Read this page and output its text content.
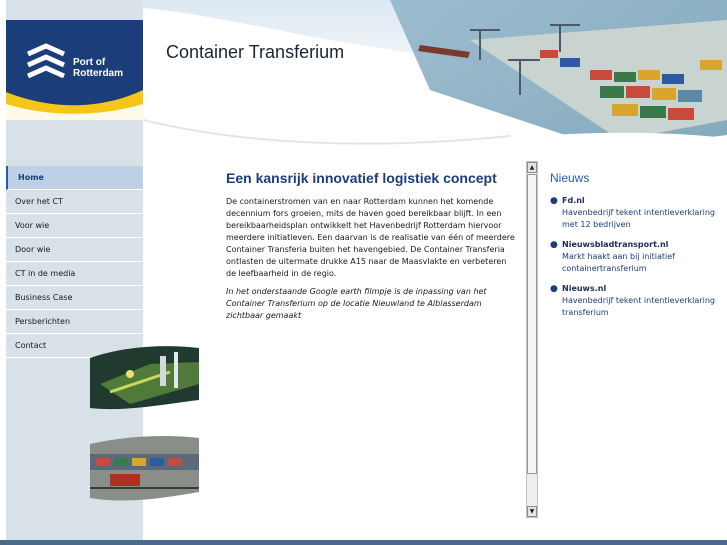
Port of
Rotterdam
Container Transferium
Home
Over het CT
Voor wie
Door wie
CT in de media
Business Case
Persberichten
Contact
Een kansrijk innovatief logistiek concept

De containerstromen van en naar Rotterdam kunnen het komende decennium fors groeien, mits de haven goed bereikbaar blijft. In een bereikbaarheidsplan ontwikkelt het Havenbedrijf Rotterdam hiervoor meerdere initiatieven. Een daarvan is de realisatie van één of meerdere Container Transferia buiten het havengebied. De Container Transferia ontlasten de uitermate drukke A15 naar de Maasvlakte en verbeteren de leefbaarheid in de regio.

In het onderstaande Google earth filmpje is de inpassing van het Container Transferium op de locatie Nieuwland te Alblasserdam zichtbaar gemaakt

▲
▼
Nieuws
● Fd.nl
Havenbedrijf tekent intentieverklaring met 12 bedrijven
● Nieuwsbladtransport.nl
Markt haakt aan bij initiatief containertransferium
● Nieuws.nl
Havenbedrijf tekent intentieverklaring transferium
